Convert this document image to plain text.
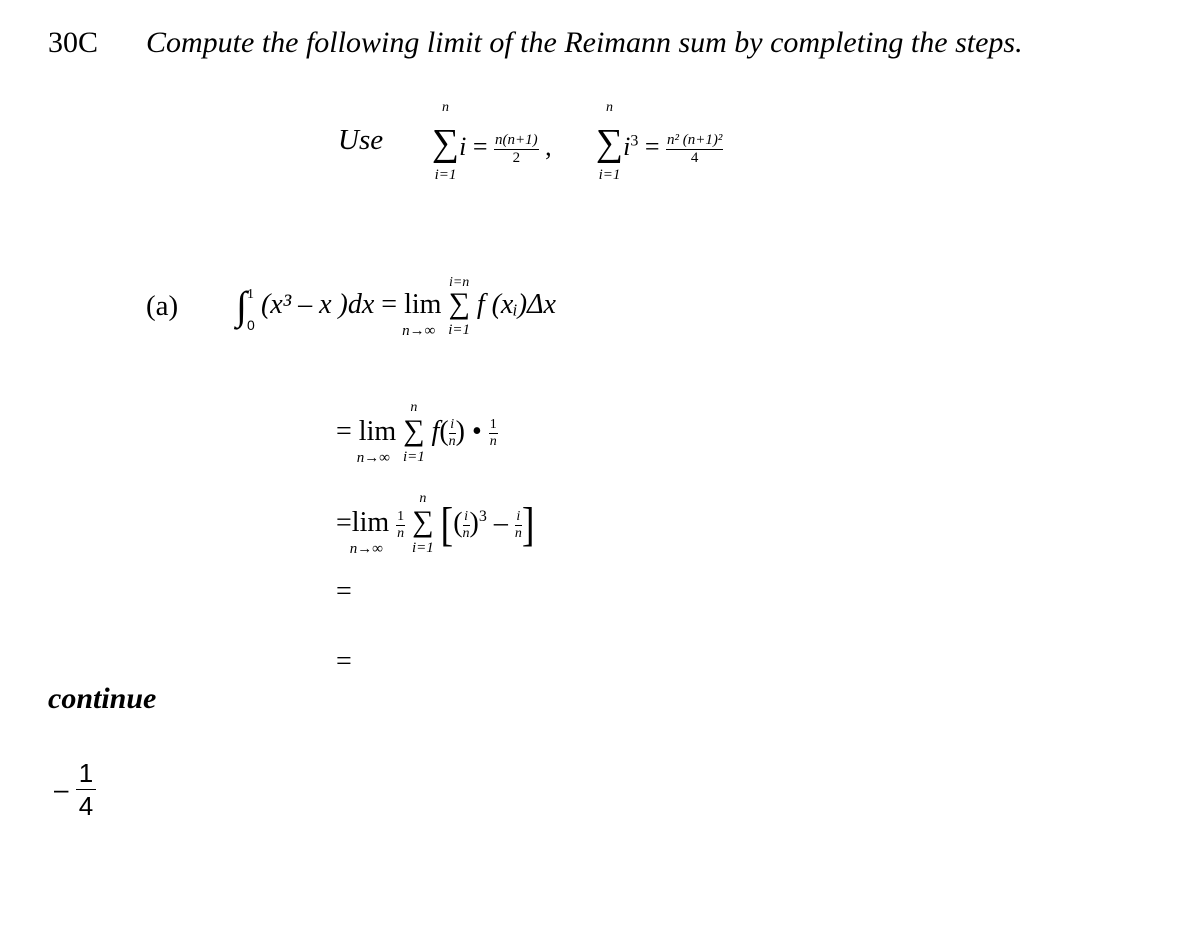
30C Compute the following limit of the Reimann sum by completing the steps.
Use
n
∑
i=1
$i = \frac{n(n+1)}{2}$ ,
n
∑
i=1
$i^3 = \frac{\text{n² (n+1)²}}{4}$
(a) ∫ 1
0
(x³ – x )dx = lim
n→∞

i=n
∑
i=1
f (xᵢ)Δx
= lim
n→∞

n
∑
i=1
$f( \frac{i}{n}$ ) • $\frac{1}{n}$
=lim
n→∞

$\frac{1}{n}$

n
∑
i=1 [( $\frac{i}{n} )^3 - \frac{i}{n}$ ]
=
=
continue
– $\frac{1}{4}$
